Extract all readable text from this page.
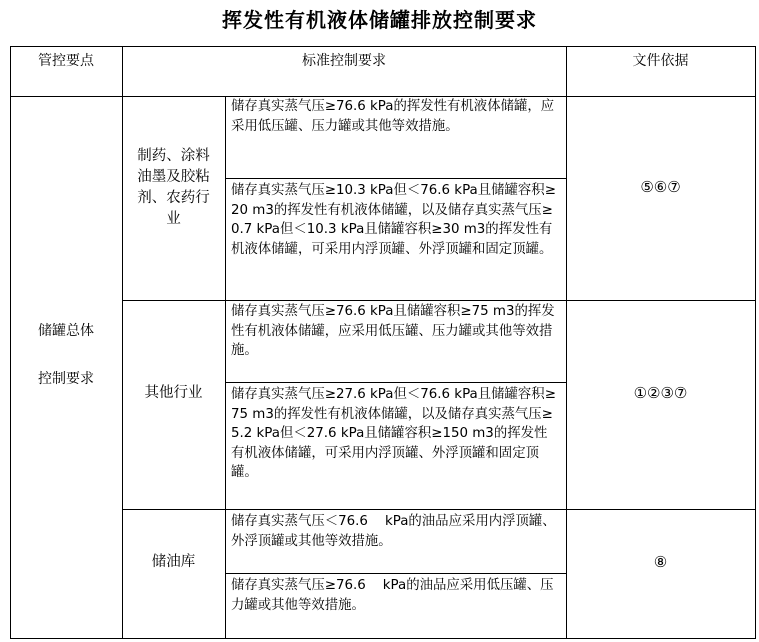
挥发性有机液体储罐排放控制要求
管控要点	标准控制要求	文件依据
储罐总体
控制要求
制药、涂料
油墨及胶粘
剂、农药行
业
储存真实蒸气压≥76.6 kPa的挥发性有机液体储罐，应采用低压罐、压力罐或其他等效措施。
储存真实蒸气压≥10.3 kPa但＜76.6 kPa且储罐容积≥20 m3的挥发性有机液体储罐，以及储存真实蒸气压≥0.7 kPa但＜10.3 kPa且储罐容积≥30 m3的挥发性有机液体储罐，可采用内浮顶罐、外浮顶罐和固定顶罐。
⑤⑥⑦
其他行业
储存真实蒸气压≥76.6 kPa且储罐容积≥75 m3的挥发性有机液体储罐，应采用低压罐、压力罐或其他等效措施。
储存真实蒸气压≥27.6 kPa但＜76.6 kPa且储罐容积≥75 m3的挥发性有机液体储罐，以及储存真实蒸气压≥5.2 kPa但＜27.6 kPa且储罐容积≥150 m3的挥发性有机液体储罐，可采用内浮顶罐、外浮顶罐和固定顶罐。
①②③⑦
储油库
储存真实蒸气压＜76.6    kPa的油品应采用内浮顶罐、外浮顶罐或其他等效措施。
储存真实蒸气压≥76.6    kPa的油品应采用低压罐、压力罐或其他等效措施。
⑧
